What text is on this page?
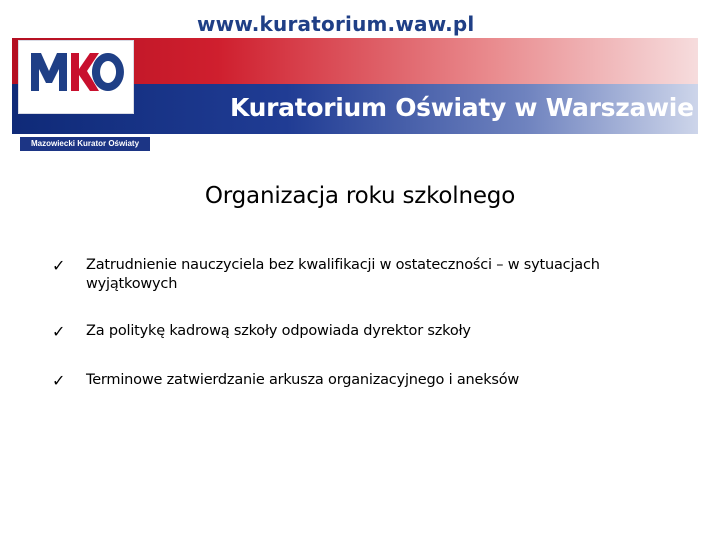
www.kuratorium.waw.pl
Mazowiecki Kurator Oświaty
Kuratorium Oświaty w Warszawie
Organizacja roku szkolnego
✓ Zatrudnienie nauczyciela bez kwalifikacji w ostateczności – w sytuacjach wyjątkowych
✓ Za politykę kadrową szkoły odpowiada dyrektor szkoły
✓ Terminowe zatwierdzanie arkusza organizacyjnego i aneksów
